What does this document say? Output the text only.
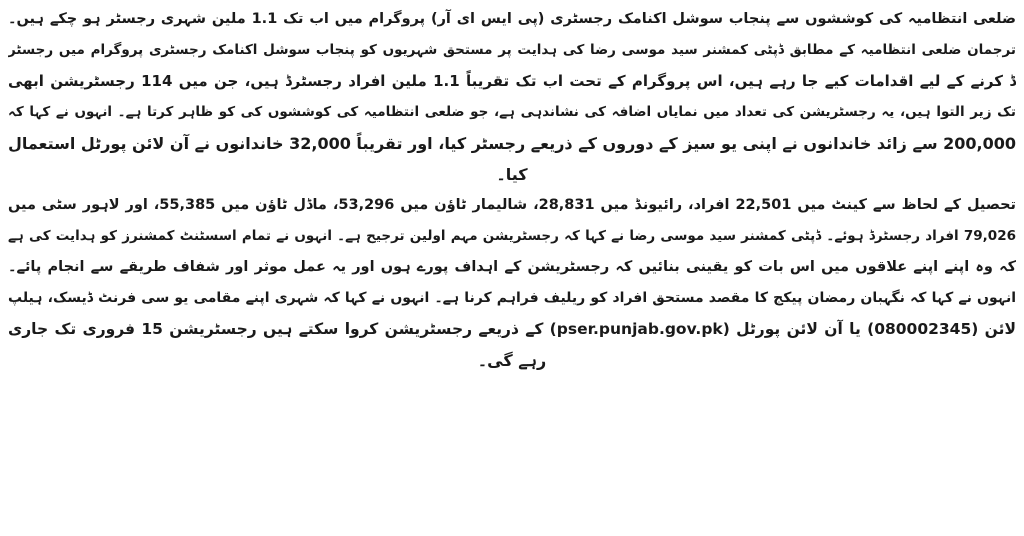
ضلعی انتظامیہ کی کوششوں سے پنجاب سوشل اکنامک رجسٹری (پی ایس ای آر) پروگرام میں اب تک 1.1 ملین شہری رجسٹر ہو چکے ہیں۔
ترجمان ضلعی انتظامیہ کے مطابق ڈپٹی کمشنر سید موسی رضا کی ہدایت پر مستحق شہریوں کو پنجاب سوشل اکنامک رجسٹری پروگرام میں رجسٹر
ڈ کرنے کے لیے اقدامات کیے جا رہے ہیں، اس پروگرام کے تحت اب تک تقریباً 1.1 ملین افراد رجسٹرڈ ہیں، جن میں 114 رجسٹریشن ابھی
تک زیر التوا ہیں، یہ رجسٹریشن کی تعداد میں نمایاں اضافہ کی نشاندہی ہے، جو ضلعی انتظامیہ کی کوششوں کی کو ظاہر کرتا ہے۔ انہوں نے کہا کہ
200,000 سے زائد خاندانوں نے اپنی یو سیز کے دوروں کے ذریعے رجسٹر کیا، اور تقریباً 32,000 خاندانوں نے آن لائن پورٹل استعمال
کیا۔
تحصیل کے لحاظ سے کینٹ میں 22,501 افراد، رائیونڈ میں 28,831، شالیمار ٹاؤن میں 53,296، ماڈل ٹاؤن میں 55,385، اور لاہور سٹی میں
79,026 افراد رجسٹرڈ ہوئے۔ ڈپٹی کمشنر سید موسی رضا نے کہا کہ رجسٹریشن مہم اولین ترجیح ہے۔ انہوں نے تمام اسسٹنٹ کمشنرز کو ہدایت کی ہے
کہ وہ اپنے اپنے علاقوں میں اس بات کو یقینی بنائیں کہ رجسٹریشن کے اہداف پورے ہوں اور یہ عمل موثر اور شفاف طریقے سے انجام پائے۔
انہوں نے کہا کہ نگہبان رمضان پیکج کا مقصد مستحق افراد کو ریلیف فراہم کرنا ہے۔ انہوں نے کہا کہ شہری اپنے مقامی یو سی فرنٹ ڈیسک، ہیلپ
لائن (080002345) یا آن لائن پورٹل (pser.punjab.gov.pk) کے ذریعے رجسٹریشن کروا سکتے ہیں رجسٹریشن 15 فروری تک جاری
رہے گی۔
